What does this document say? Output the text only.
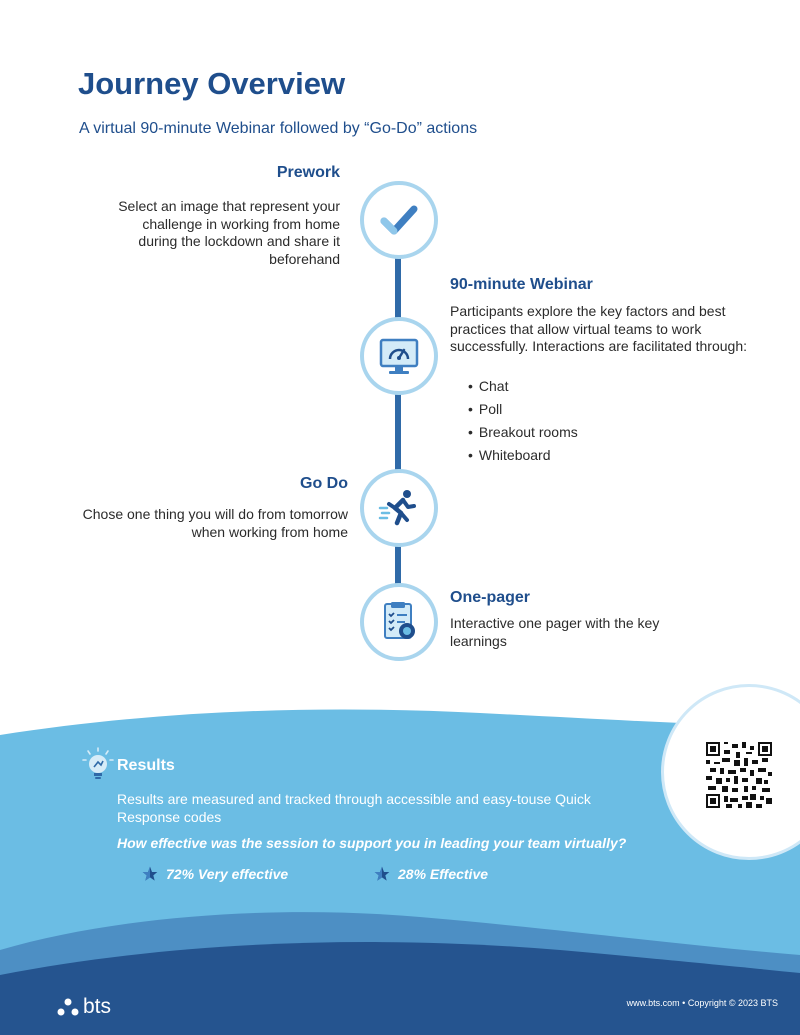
Journey Overview
A virtual 90-minute Webinar followed by “Go-Do” actions
Prework
Select an image that represent your challenge in working from home during the lockdown and share it beforehand
90-minute Webinar
Participants explore the key factors and best practices that allow virtual teams to work successfully. Interactions are facilitated through:
• Chat
• Poll
• Breakout rooms
• Whiteboard
Go Do
Chose one thing you will do from tomorrow when working from home
One-pager
Interactive one pager with the key learnings
Results
Results are measured and tracked through accessible and easy-touse Quick Response codes
How effective was the session to support you in leading your team virtually?
72% Very effective	28% Effective
bts	www.bts.com • Copyright © 2023 BTS
